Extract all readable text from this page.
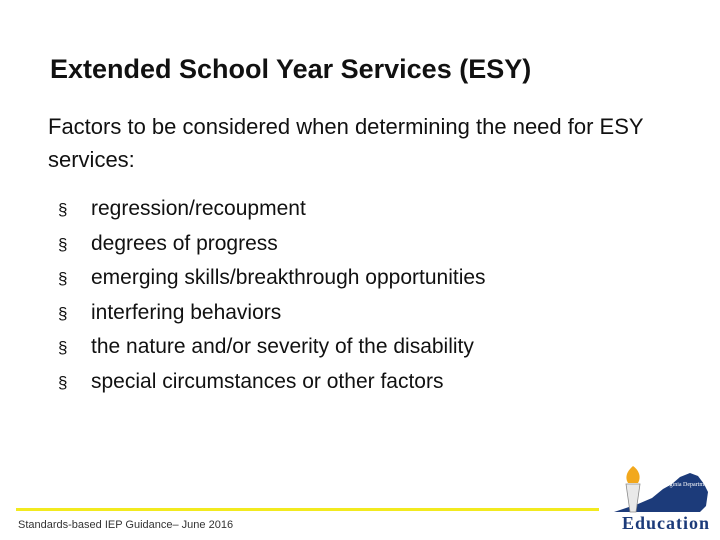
Extended School Year Services (ESY)
Factors to be considered when determining the need for ESY services:
§	regression/recoupment
§	degrees of progress
§	emerging skills/breakthrough opportunities
§	interfering behaviors
§	the nature and/or severity of the disability
§	special circumstances or other factors
Standards-based IEP Guidance– June 2016
Virginia Department of
Education
